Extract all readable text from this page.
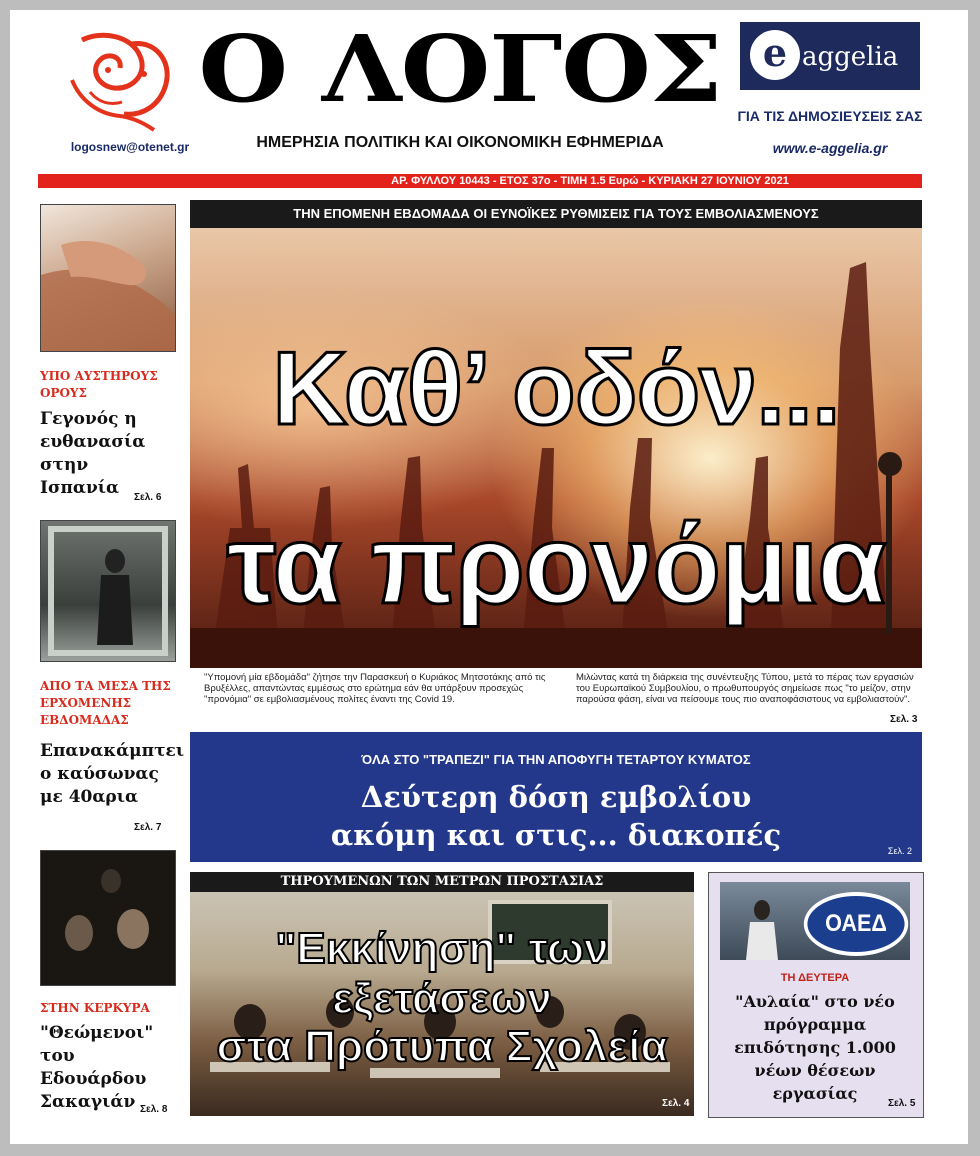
logosnew@otenet.gr
Ο ΛΟΓΟΣ
ΗΜΕΡΗΣΙΑ ΠΟΛΙΤΙΚΗ ΚΑΙ ΟΙΚΟΝΟΜΙΚΗ ΕΦΗΜΕΡΙΔΑ
e aggelia
ΓΙΑ ΤΙΣ ΔΗΜΟΣΙΕΥΣΕΙΣ ΣΑΣ
www.e-aggelia.gr
ΑΡ. ΦΥΛΛΟΥ 10443 - ΕΤΟΣ 37ο - ΤΙΜΗ 1.5 Ευρώ - ΚΥΡΙΑΚΗ 27 ΙΟΥΝΙΟΥ 2021
ΥΠΟ ΑΥΣΤΗΡΟΥΣ ΟΡΟΥΣ
Γεγονός η ευθανασία στην Ισπανία	Σελ. 6
ΑΠΟ ΤΑ ΜΕΣΑ ΤΗΣ ΕΡΧΟΜΕΝΗΣ ΕΒΔΟΜΑΔΑΣ
Επανακάμπτει ο καύσωνας με 40αρια
Σελ. 7
ΣΤΗΝ ΚΕΡΚΥΡΑ
"Θεώμενοι" του Εδουάρδου Σακαγιάν Σελ. 8
ΤΗΝ ΕΠΟΜΕΝΗ ΕΒΔΟΜΑΔΑ ΟΙ ΕΥΝΟΪΚΕΣ ΡΥΘΜΙΣΕΙΣ ΓΙΑ ΤΟΥΣ ΕΜΒΟΛΙΑΣΜΕΝΟΥΣ
Καθ’ οδόν...
τα προνόμια
"Υπομονή μία εβδομάδα" ζήτησε την Παρασκευή ο Κυριάκος Μητσοτάκης από τις Βρυξέλλες, απαντώντας εμμέσως στο ερώτημα εάν θα υπάρξουν προσεχώς "προνόμια" σε εμβολιασμένους πολίτες έναντι της Covid 19.
Μιλώντας κατά τη διάρκεια της συνέντευξης Τύπου, μετά το πέρας των εργασιών του Ευρωπαϊκού Συμβουλίου, ο πρωθυπουργός σημείωσε πως "το μείζον, στην παρούσα φάση, είναι να πείσουμε τους πιο αναποφάσιστους να εμβολιαστούν".
Σελ. 3
ΌΛΑ ΣΤΟ "ΤΡΑΠΕΖΙ" ΓΙΑ ΤΗΝ ΑΠΟΦΥΓΗ ΤΕΤΑΡΤΟΥ ΚΥΜΑΤΟΣ
Δεύτερη δόση εμβολίου
ακόμη και στις... διακοπές	Σελ. 2
ΤΗΡΟΥΜΕΝΩΝ ΤΩΝ ΜΕΤΡΩΝ ΠΡΟΣΤΑΣΙΑΣ
"Εκκίνηση" των εξετάσεων
στα Πρότυπα Σχολεία
Σελ. 4
ΟΑΕΔ
ΤΗ ΔΕΥΤΕΡΑ
"Αυλαία" στο νέο πρόγραμμα επιδότησης 1.000 νέων θέσεων εργασίας
Σελ. 5
